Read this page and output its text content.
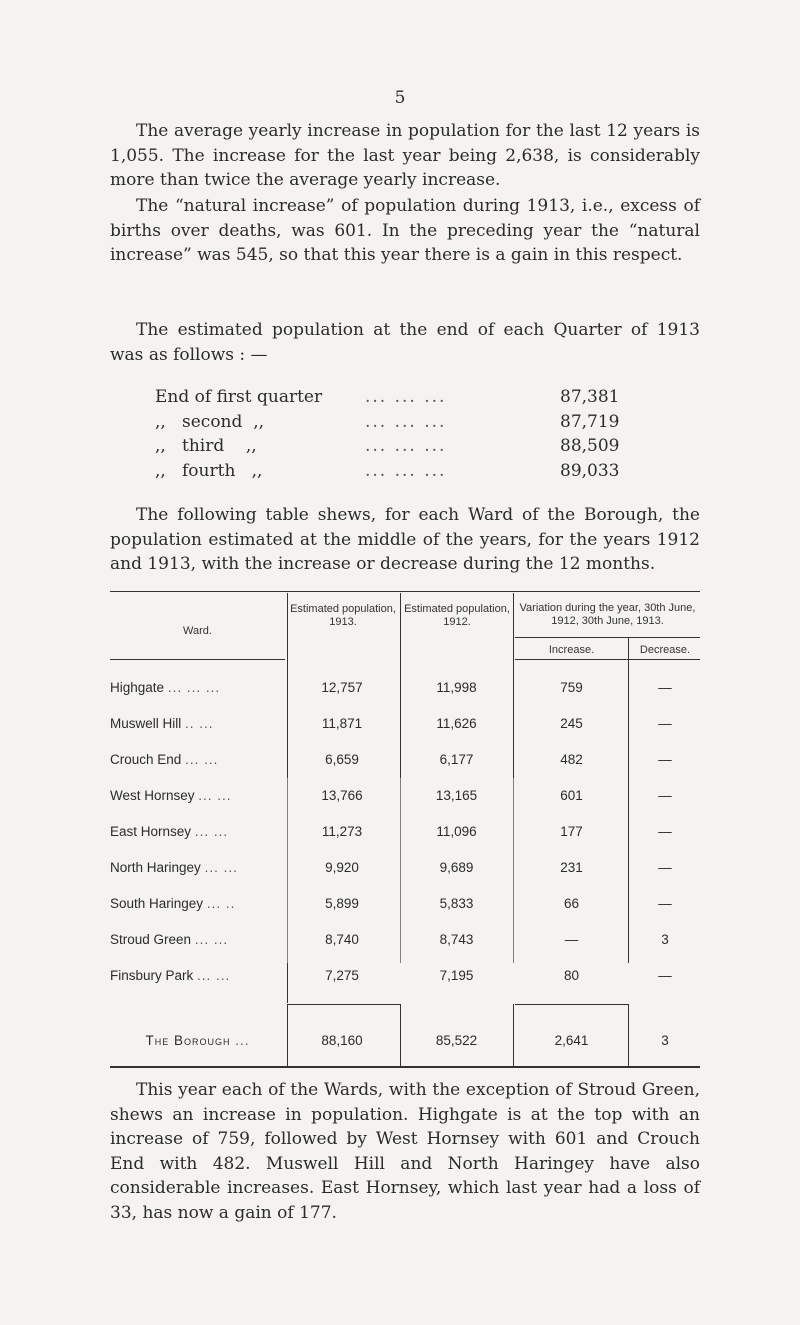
5

The average yearly increase in population for the last 12 years is 1,055. The increase for the last year being 2,638, is considerably more than twice the average yearly increase.

The “natural increase” of population during 1913, i.e., excess of births over deaths, was 601. In the preceding year the “natural increase” was 545, so that this year there is a gain in this respect.

The estimated population at the end of each Quarter of 1913 was as follows : —

End of first quarter	... ... ...	87,381
,,   second  ,,	... ... ...	87,719
,,   third    ,,	... ... ...	88,509
,,   fourth   ,,	... ... ...	89,033

The following table shews, for each Ward of the Borough, the population estimated at the middle of the years, for the years 1912 and 1913, with the increase or decrease during the 12 months.

Ward.
Estimated population, 1913.
Estimated population, 1912.
Variation during the year, 30th June, 1912, 30th June, 1913.
Increase.	Decrease.
Highgate ... ... ...	12,757	11,998	759	—
Muswell Hill .. ...	11,871	11,626	245	—
Crouch End ... ...	6,659	6,177	482	—
West Hornsey ... ...	13,766	13,165	601	—
East Hornsey ... ...	11,273	11,096	177	—
North Haringey ... ...	9,920	9,689	231	—
South Haringey ... ..	5,899	5,833	66	—
Stroud Green ... ...	8,740	8,743	—	3
Finsbury Park ... ...	7,275	7,195	80	—
The Borough ...	88,160	85,522	2,641	3

This year each of the Wards, with the exception of Stroud Green, shews an increase in population. Highgate is at the top with an increase of 759, followed by West Hornsey with 601 and Crouch End with 482. Muswell Hill and North Haringey have also considerable increases. East Hornsey, which last year had a loss of 33, has now a gain of 177.
